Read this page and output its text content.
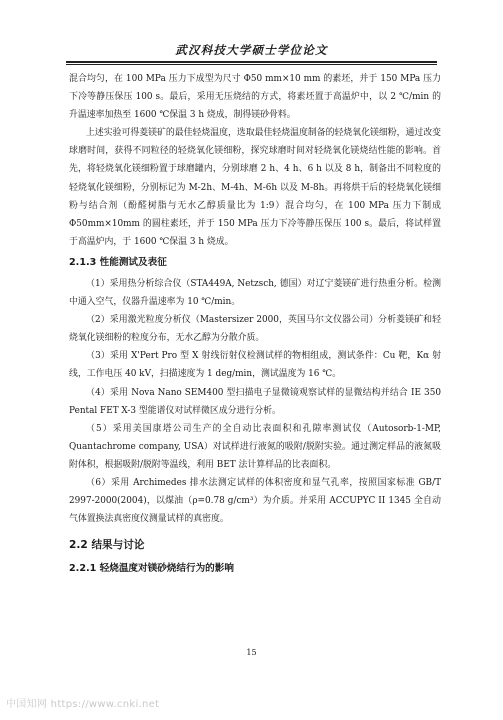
武汉科技大学硕士学位论文

混合均匀，在 100 MPa 压力下成型为尺寸 Φ50 mm×10 mm 的素坯，并于 150 MPa 压力下冷等静压保压 100 s。最后，采用无压烧结的方式，将素坯置于高温炉中，以 2 ℃/min 的升温速率加热至 1600 ℃保温 3 h 烧成，制得镁砂骨料。

上述实验可得菱镁矿的最佳轻烧温度，选取最佳轻烧温度制备的轻烧氧化镁细粉，通过改变球磨时间，获得不同粒径的轻烧氧化镁细粉，探究球磨时间对轻烧氧化镁烧结性能的影响。首先，将轻烧氧化镁细粉置于球磨罐内，分别球磨 2 h、4 h、6 h 以及 8 h，制备出不同粒度的轻烧氧化镁细粉，分别标记为 M-2h、M-4h、M-6h 以及 M-8h。再将烘干后的轻烧氧化镁细粉与结合剂（酚醛树脂与无水乙醇质量比为 1:9）混合均匀，在 100 MPa 压力下制成 Φ50mm×10mm 的圆柱素坯，并于 150 MPa 压力下冷等静压保压 100 s。最后，将试样置于高温炉内，于 1600 ℃保温 3 h 烧成。

2.1.3 性能测试及表征

（1）采用热分析综合仪（STA449A, Netzsch, 德国）对辽宁菱镁矿进行热重分析。检测中通入空气，仪器升温速率为 10 ℃/min。

（2）采用激光粒度分析仪（Mastersizer 2000，英国马尔文仪器公司）分析菱镁矿和轻烧氧化镁细粉的粒度分布，无水乙醇为分散介质。

（3）采用 X'Pert Pro 型 X 射线衍射仪检测试样的物相组成，测试条件：Cu 靶，Kα 射线，工作电压 40 kV，扫描速度为 1 deg/min，测试温度为 16 ℃。

（4）采用 Nova Nano SEM400 型扫描电子显微镜观察试样的显微结构并结合 IE 350 Pental FET X-3 型能谱仪对试样微区成分进行分析。

（5）采用美国康塔公司生产的全自动比表面积和孔隙率测试仪（Autosorb-1-MP, Quantachrome company, USA）对试样进行液氮的吸附/脱附实验。通过测定样品的液氮吸附体积，根据吸附/脱附等温线，利用 BET 法计算样品的比表面积。

（6）采用 Archimedes 排水法测定试样的体积密度和显气孔率，按照国家标准 GB/T 2997-2000(2004)，以煤油（ρ=0.78 g/cm³）为介质。并采用 ACCUPYC II 1345 全自动气体置换法真密度仪测量试样的真密度。

2.2 结果与讨论
2.2.1 轻烧温度对镁砂烧结行为的影响
15
中国知网 https://www.cnki.net
